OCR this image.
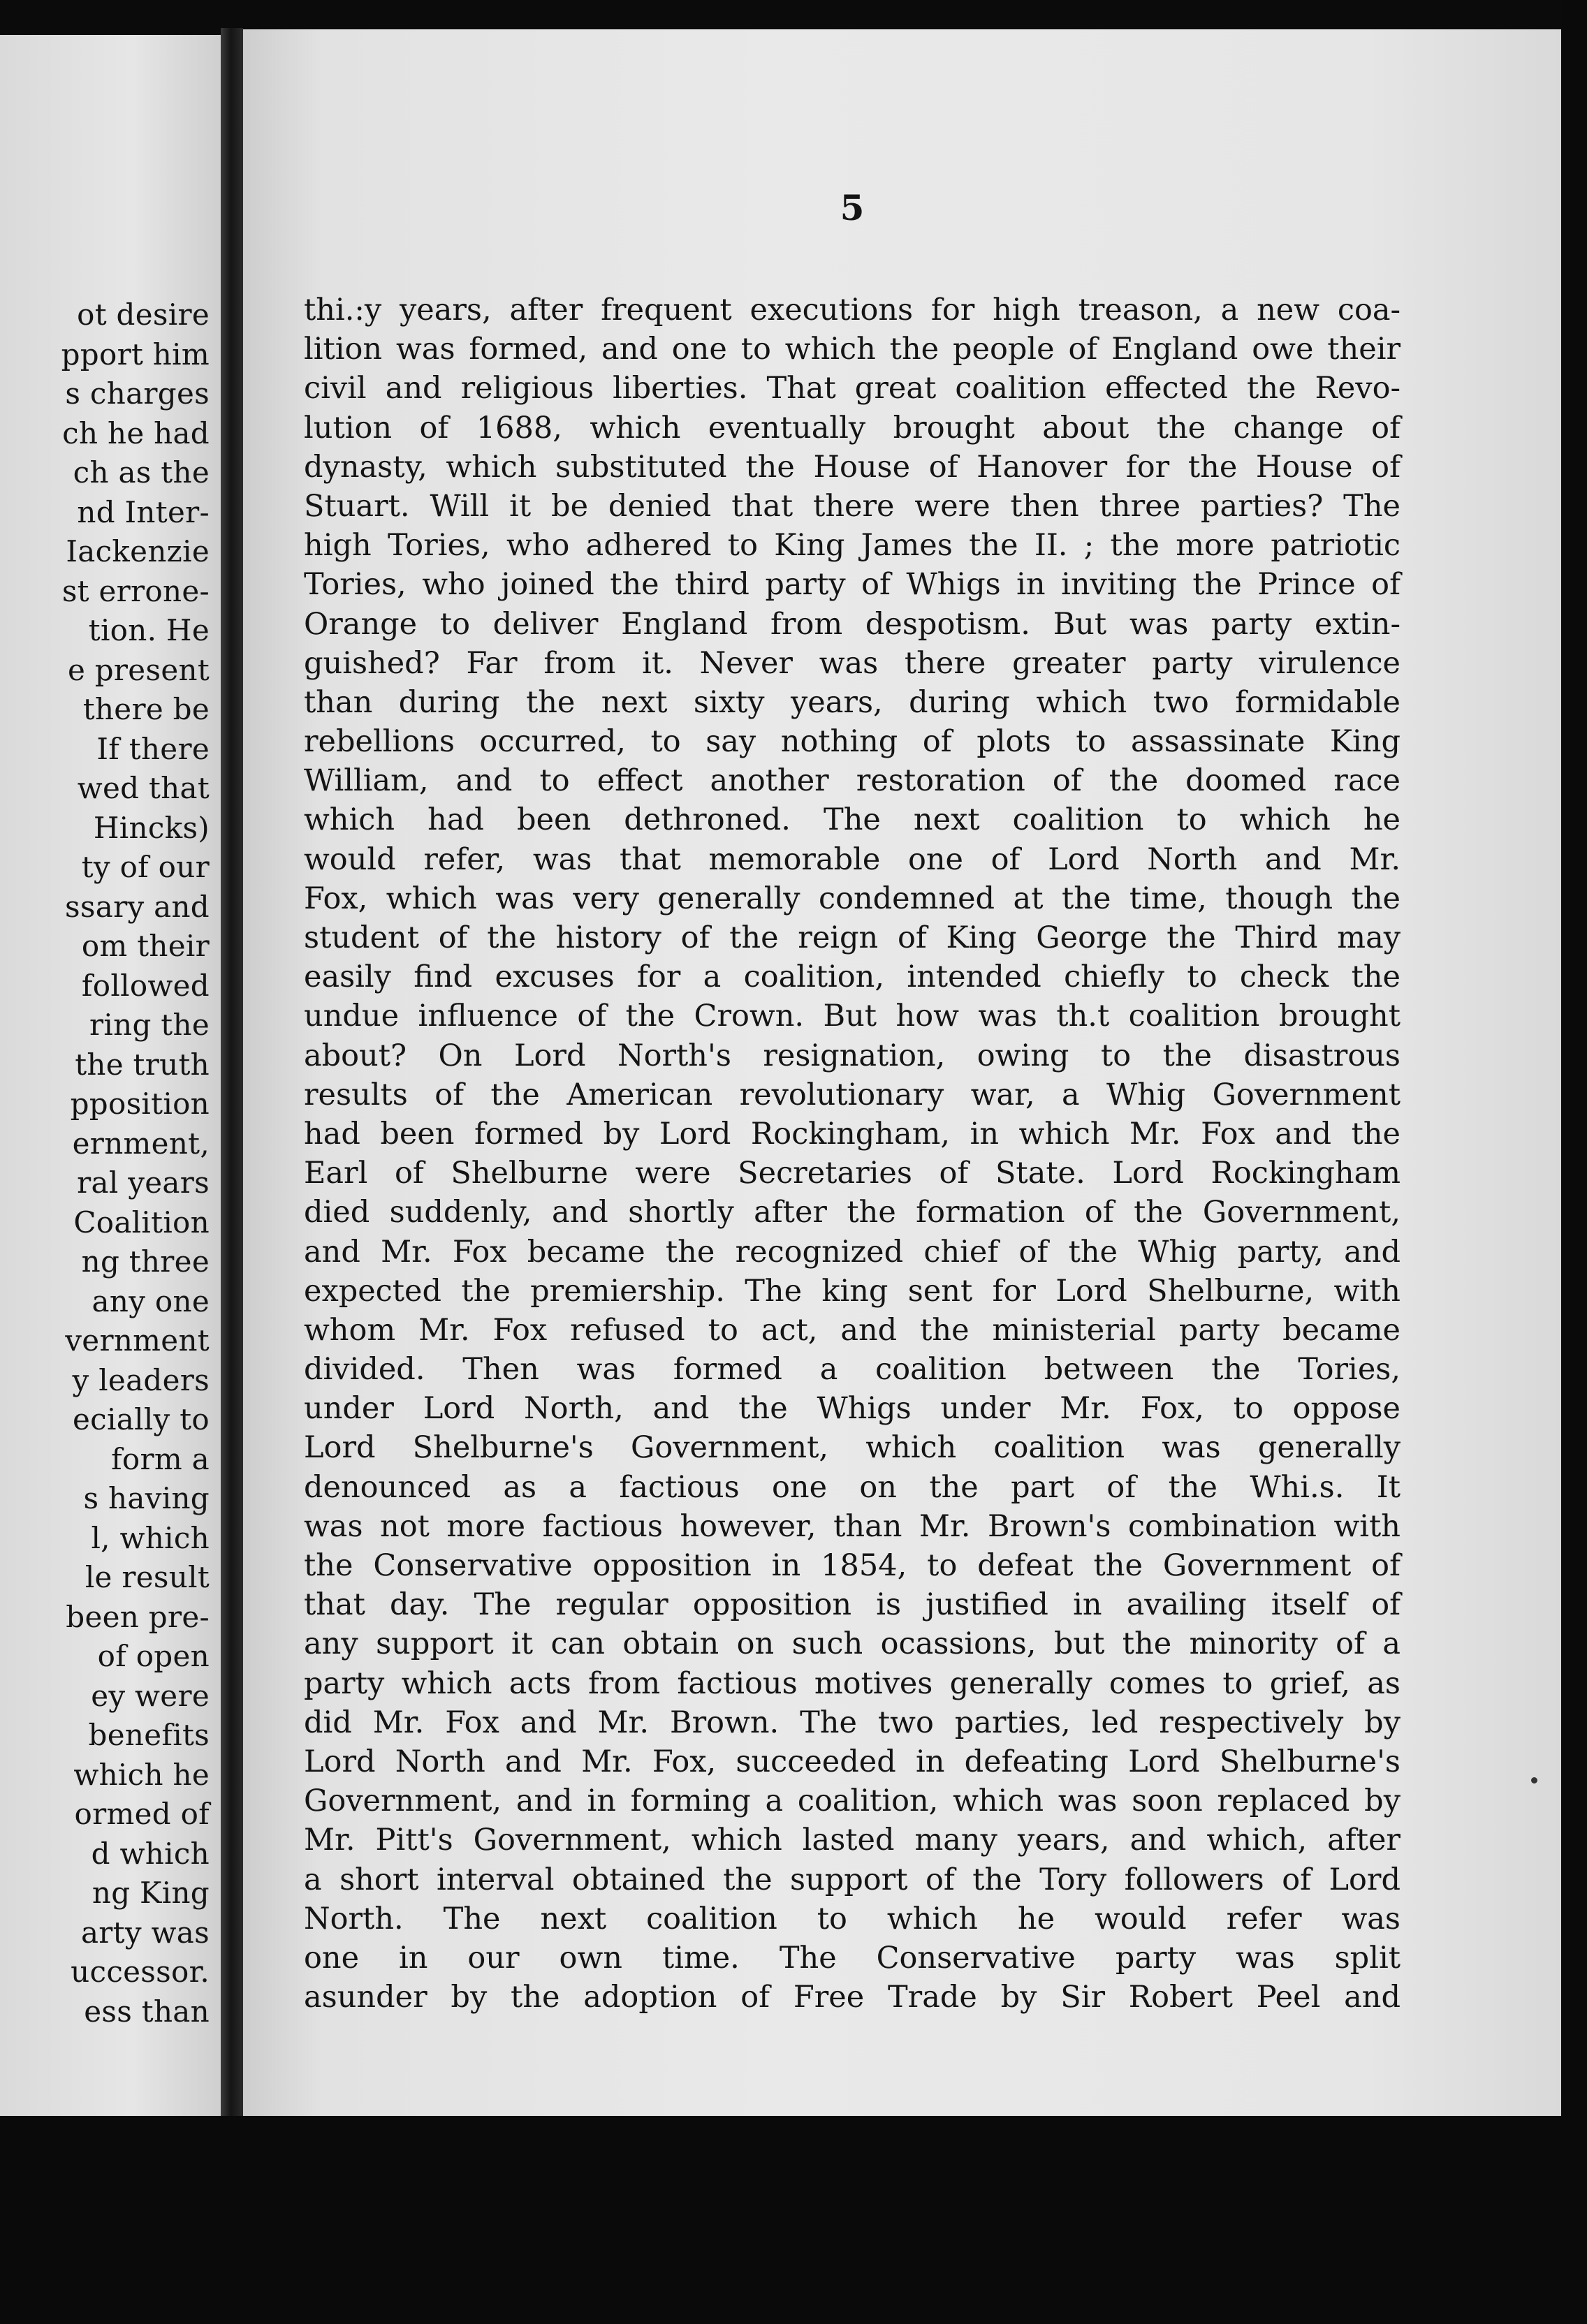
ot desire
pport him
s charges
ch he had
ch as the
nd Inter-
Iackenzie
st errone-
tion. He
e present
there be
If there
wed that
Hincks)
ty of our
ssary and
om their
followed
ring the
the truth
pposition
ernment,
ral years
Coalition
ng three
any one
vernment
y leaders
ecially to
form a
s having
l, which
le result
been pre-
of open
ey were
benefits
which he
ormed of
d which
ng King
arty was
uccessor.
ess than
5
thi.:y years, after frequent executions for high treason, a new coa-
lition was formed, and one to which the people of England owe their
civil and religious liberties. That great coalition effected the Revo-
lution of 1688, which eventually brought about the change of
dynasty, which substituted the House of Hanover for the House of
Stuart. Will it be denied that there were then three parties? The
high Tories, who adhered to King James the II. ; the more patriotic
Tories, who joined the third party of Whigs in inviting the Prince of
Orange to deliver England from despotism. But was party extin-
guished? Far from it. Never was there greater party virulence
than during the next sixty years, during which two formidable
rebellions occurred, to say nothing of plots to assassinate King
William, and to effect another restoration of the doomed race
which had been dethroned. The next coalition to which he
would refer, was that memorable one of Lord North and Mr.
Fox, which was very generally condemned at the time, though the
student of the history of the reign of King George the Third may
easily find excuses for a coalition, intended chiefly to check the
undue influence of the Crown. But how was th.t coalition brought
about? On Lord North's resignation, owing to the disastrous
results of the American revolutionary war, a Whig Government
had been formed by Lord Rockingham, in which Mr. Fox and the
Earl of Shelburne were Secretaries of State. Lord Rockingham
died suddenly, and shortly after the formation of the Government,
and Mr. Fox became the recognized chief of the Whig party, and
expected the premiership. The king sent for Lord Shelburne, with
whom Mr. Fox refused to act, and the ministerial party became
divided. Then was formed a coalition between the Tories,
under Lord North, and the Whigs under Mr. Fox, to oppose
Lord Shelburne's Government, which coalition was generally
denounced as a factious one on the part of the Whi.s. It
was not more factious however, than Mr. Brown's combination with
the Conservative opposition in 1854, to defeat the Government of
that day. The regular opposition is justified in availing itself of
any support it can obtain on such ocassions, but the minority of a
party which acts from factious motives generally comes to grief, as
did Mr. Fox and Mr. Brown. The two parties, led respectively by
Lord North and Mr. Fox, succeeded in defeating Lord Shelburne's
Government, and in forming a coalition, which was soon replaced by
Mr. Pitt's Government, which lasted many years, and which, after
a short interval obtained the support of the Tory followers of Lord
North. The next coalition to which he would refer was
one in our own time. The Conservative party was split
asunder by the adoption of Free Trade by Sir Robert Peel and
